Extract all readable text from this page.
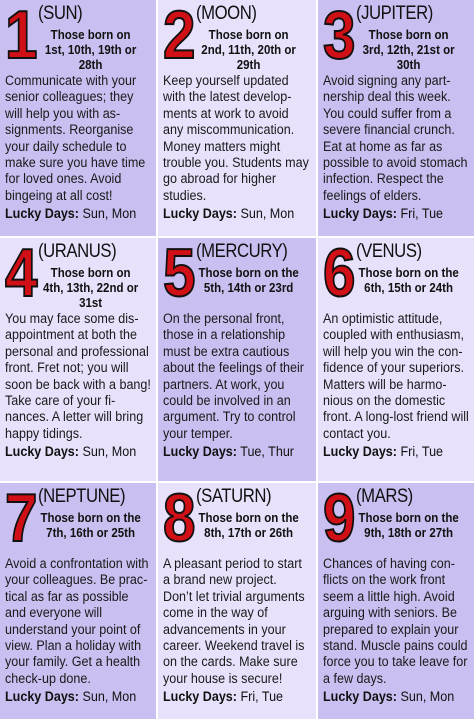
1 (SUN)
Those born on 1st, 10th, 19th or 28th
Communicate with your senior colleagues; they will help you with assignments. Reorganise your daily schedule to make sure you have time for loved ones. Avoid bingeing at all cost!
Lucky Days: Sun, Mon
2 (MOON)
Those born on 2nd, 11th, 20th or 29th
Keep yourself updated with the latest developments at work to avoid any miscommunication. Money matters might trouble you. Students may go abroad for higher studies.
Lucky Days: Sun, Mon
3 (JUPITER)
Those born on 3rd, 12th, 21st or 30th
Avoid signing any partnership deal this week. You could suffer from a severe financial crunch. Eat at home as far as possible to avoid stomach infection. Respect the feelings of elders.
Lucky Days: Fri, Tue
4 (URANUS)
Those born on 4th, 13th, 22nd or 31st
You may face some disappointment at both the personal and professional front. Fret not; you will soon be back with a bang! Take care of your finances. A letter will bring happy tidings.
Lucky Days: Sun, Mon
5 (MERCURY)
Those born on the 5th, 14th or 23rd
On the personal front, those in a relationship must be extra cautious about the feelings of their partners. At work, you could be involved in an argument. Try to control your temper.
Lucky Days: Tue, Thur
6 (VENUS)
Those born on the 6th, 15th or 24th
An optimistic attitude, coupled with enthusiasm, will help you win the confidence of your superiors. Matters will be harmonious on the domestic front. A long-lost friend will contact you.
Lucky Days: Fri, Tue
7 (NEPTUNE)
Those born on the 7th, 16th or 25th
Avoid a confrontation with your colleagues. Be practical as far as possible and everyone will understand your point of view. Plan a holiday with your family. Get a health check-up done.
Lucky Days: Sun, Mon
8 (SATURN)
Those born on the 8th, 17th or 26th
A pleasant period to start a brand new project. Don’t let trivial arguments come in the way of advancements in your career. Weekend travel is on the cards. Make sure your house is secure!
Lucky Days: Fri, Tue
9 (MARS)
Those born on the 9th, 18th or 27th
Chances of having conflicts on the work front seem a little high. Avoid arguing with seniors. Be prepared to explain your stand. Muscle pains could force you to take leave for a few days.
Lucky Days: Sun, Mon
